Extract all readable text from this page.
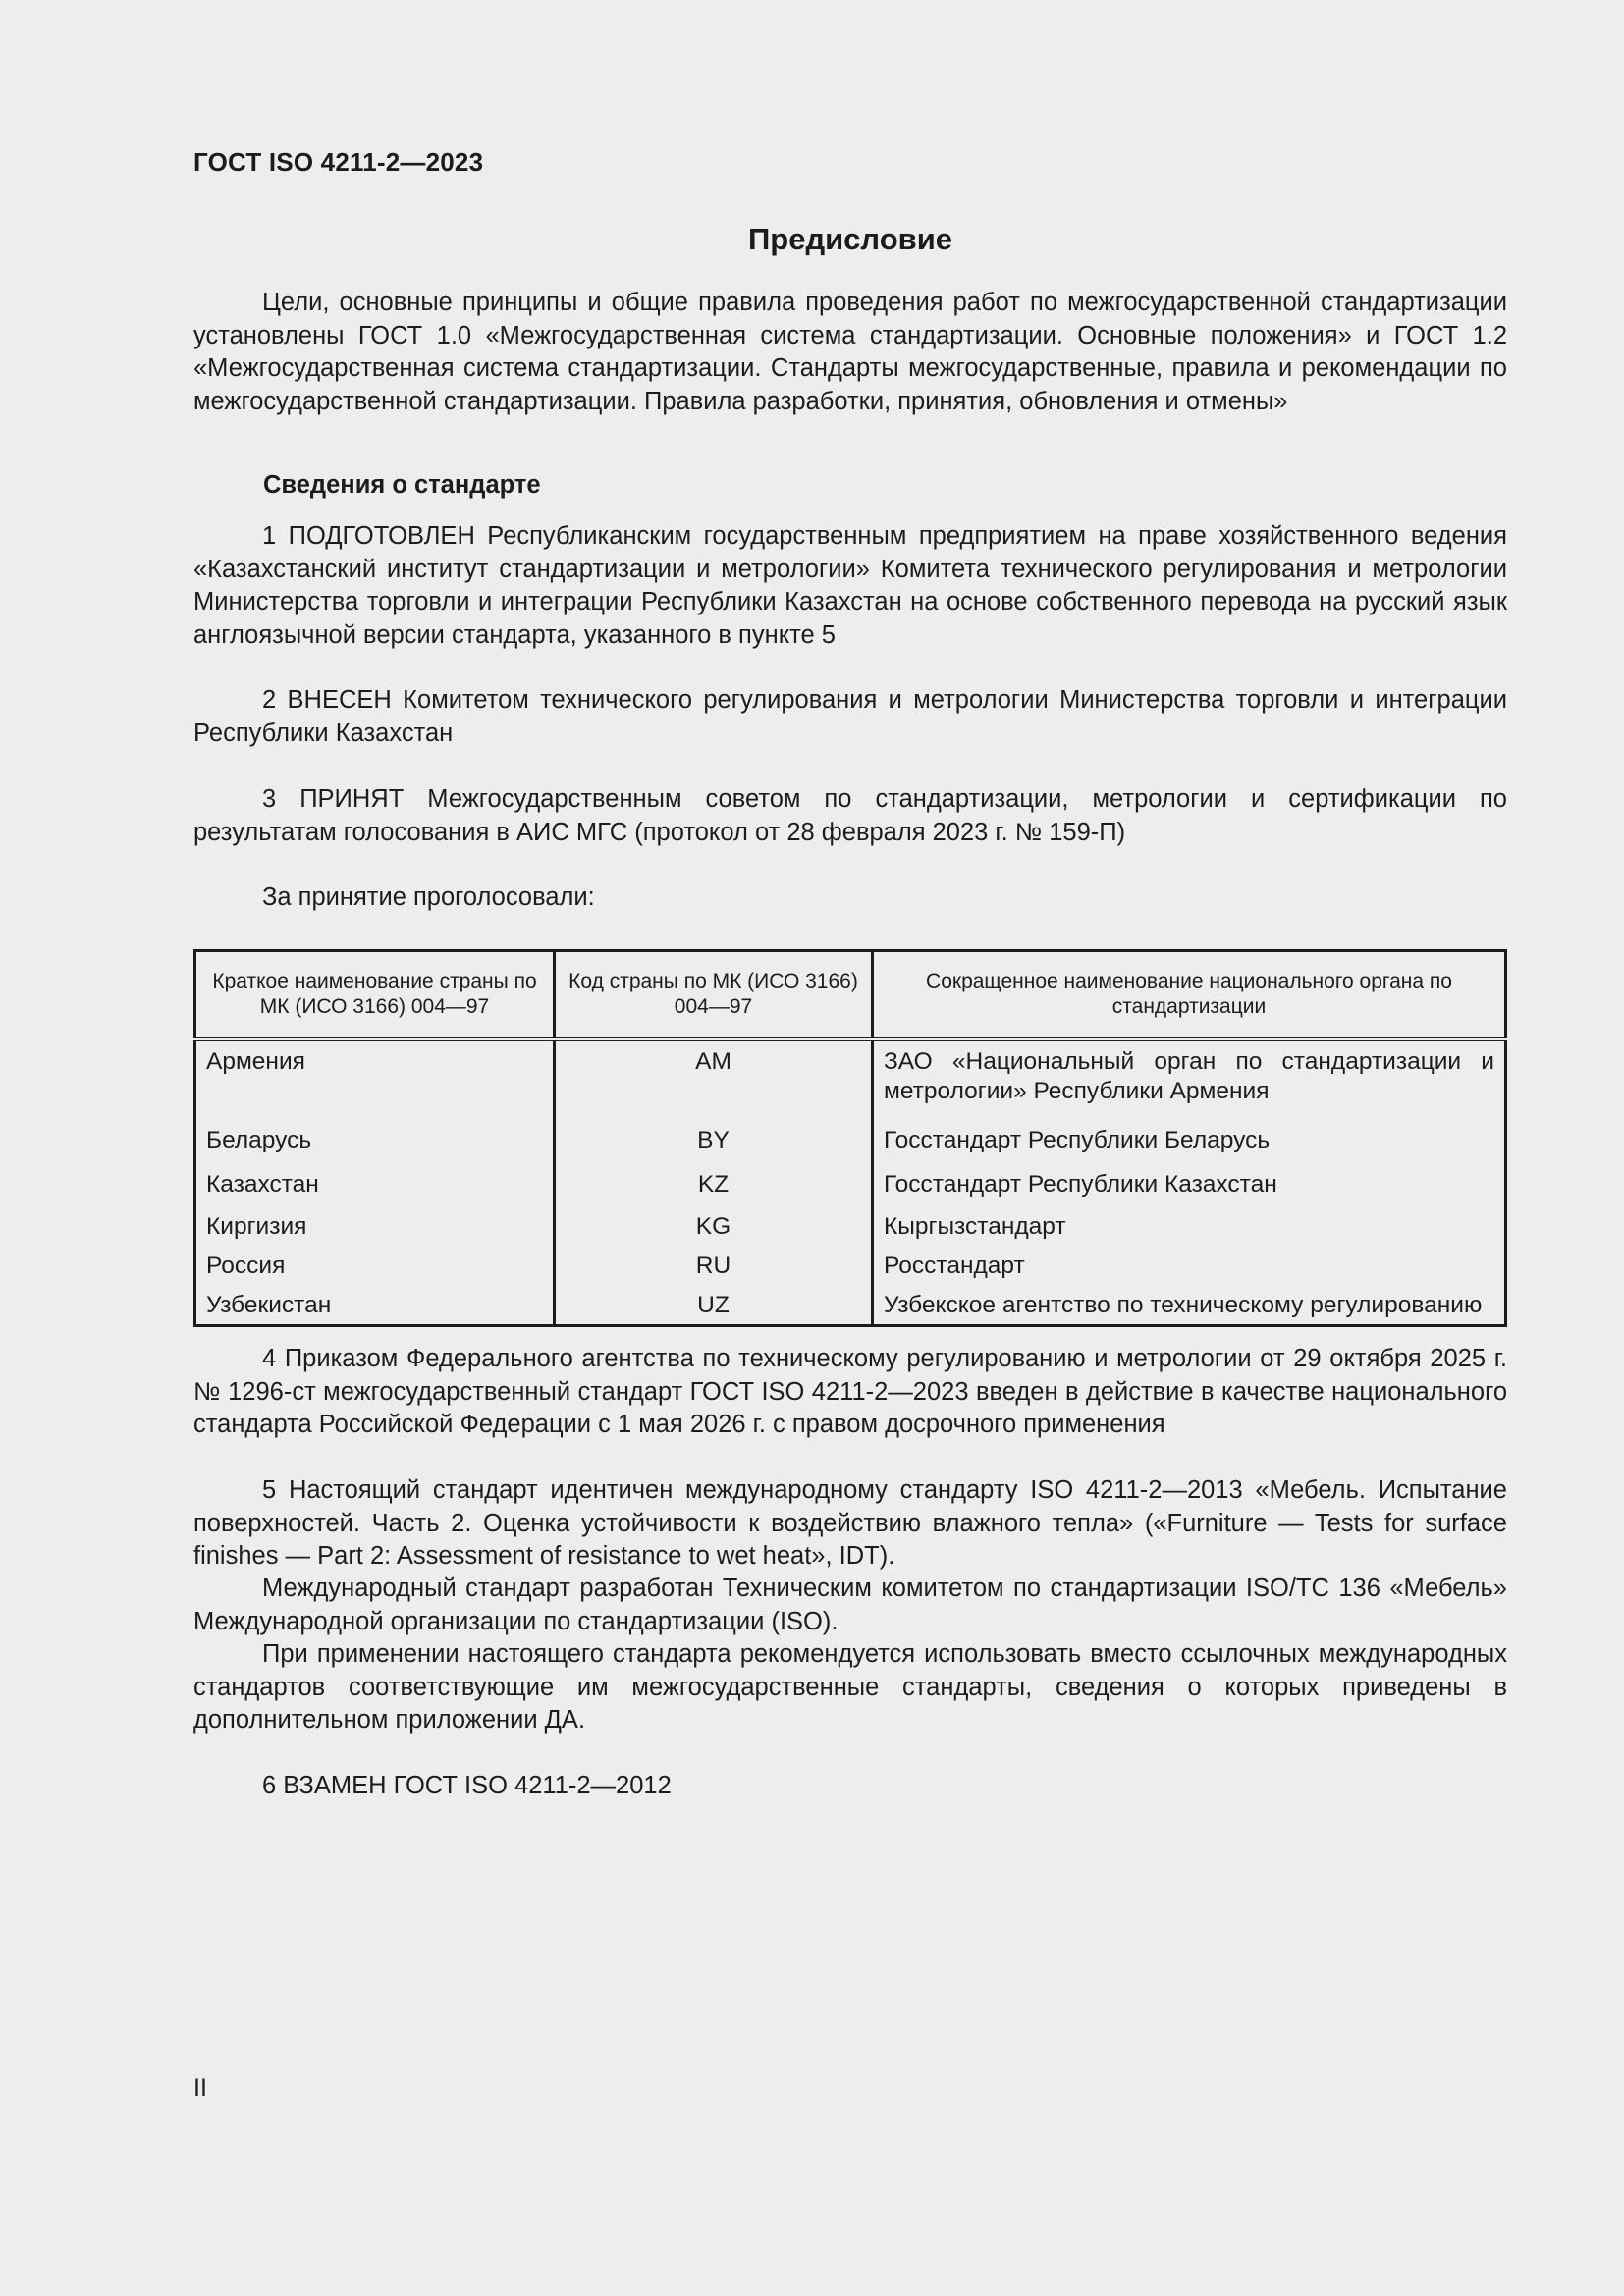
ГОСТ ISO 4211-2—2023
Предисловие

Цели, основные принципы и общие правила проведения работ по межгосударственной стандартизации установлены ГОСТ 1.0 «Межгосударственная система стандартизации. Основные положения» и ГОСТ 1.2 «Межгосударственная система стандартизации. Стандарты межгосударственные, правила и рекомендации по межгосударственной стандартизации. Правила разработки, принятия, обновления и отмены»

Сведения о стандарте

1 ПОДГОТОВЛЕН Республиканским государственным предприятием на праве хозяйственного ведения «Казахстанский институт стандартизации и метрологии» Комитета технического регулирования и метрологии Министерства торговли и интеграции Республики Казахстан на основе собственного перевода на русский язык англоязычной версии стандарта, указанного в пункте 5

2 ВНЕСЕН Комитетом технического регулирования и метрологии Министерства торговли и интеграции Республики Казахстан

3 ПРИНЯТ Межгосударственным советом по стандартизации, метрологии и сертификации по результатам голосования в АИС МГС (протокол от 28 февраля 2023 г. № 159-П)

За принятие проголосовали:

Краткое наименование страны по МК (ИСО 3166) 004—97	Код страны по МК (ИСО 3166) 004—97	Сокращенное наименование национального органа по стандартизации
Армения	AM	ЗАО «Национальный орган по стандартизации и метрологии» Республики Армения
Беларусь	BY	Госстандарт Республики Беларусь
Казахстан	KZ	Госстандарт Республики Казахстан
Киргизия	KG	Кыргызстандарт
Россия	RU	Росстандарт
Узбекистан	UZ	Узбекское агентство по техническому регулированию

4 Приказом Федерального агентства по техническому регулированию и метрологии от 29 октября 2025 г. № 1296-ст межгосударственный стандарт ГОСТ ISO 4211-2—2023 введен в действие в качестве национального стандарта Российской Федерации с 1 мая 2026 г. с правом досрочного применения

5 Настоящий стандарт идентичен международному стандарту ISO 4211-2—2013 «Мебель. Испытание поверхностей. Часть 2. Оценка устойчивости к воздействию влажного тепла» («Furniture — Tests for surface finishes — Part 2: Assessment of resistance to wet heat», IDT).

Международный стандарт разработан Техническим комитетом по стандартизации ISO/TC 136 «Мебель» Международной организации по стандартизации (ISO).

При применении настоящего стандарта рекомендуется использовать вместо ссылочных международных стандартов соответствующие им межгосударственные стандарты, сведения о которых приведены в дополнительном приложении ДА.

6 ВЗАМЕН ГОСТ ISO 4211-2—2012

II
